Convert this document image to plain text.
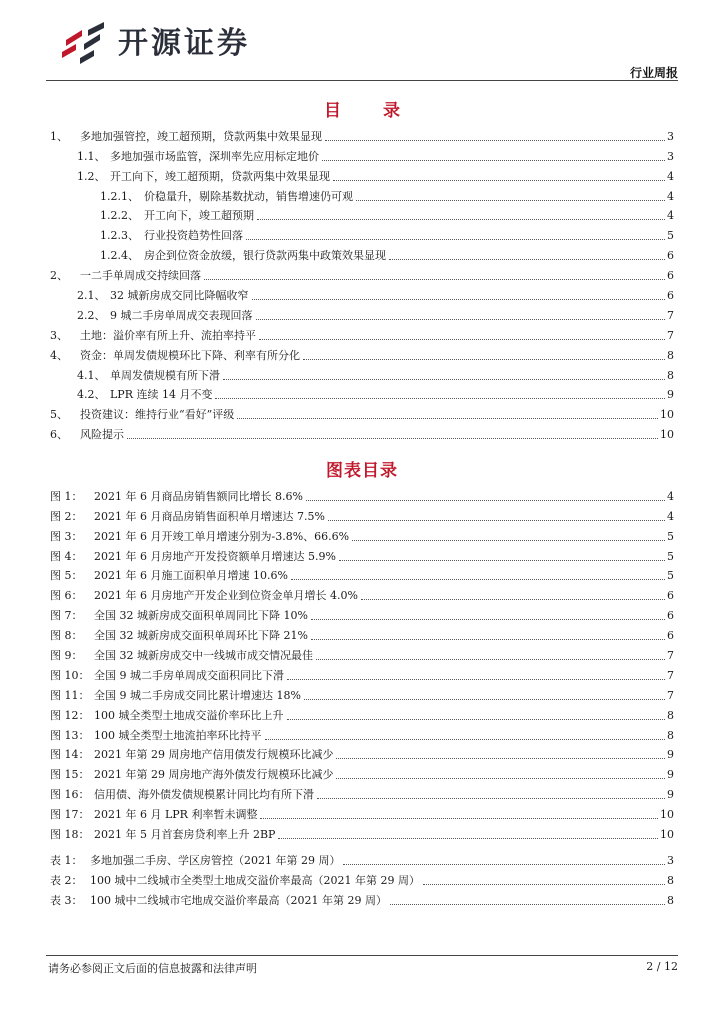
开源证券
行业周报
目 录
1、	多地加强管控，竣工超预期，贷款两集中效果显现	3
1.1、 多地加强市场监管，深圳率先应用标定地价	3
1.2、 开工向下，竣工超预期，贷款两集中效果显现	4
1.2.1、 价稳量升，剔除基数扰动，销售增速仍可观	4
1.2.2、 开工向下，竣工超预期	4
1.2.3、 行业投资趋势性回落	5
1.2.4、 房企到位资金放缓，银行贷款两集中政策效果显现	6
2、	一二手单周成交持续回落	6
2.1、 32 城新房成交同比降幅收窄	6
2.2、 9 城二手房单周成交表现回落	7
3、	土地：溢价率有所上升、流拍率持平	7
4、	资金：单周发债规模环比下降、利率有所分化	8
4.1、 单周发债规模有所下滑	8
4.2、 LPR 连续 14 月不变	9
5、	投资建议：维持行业“看好”评级	10
6、	风险提示	10
图表目录
图 1：	2021 年 6 月商品房销售额同比增长 8.6%	4
图 2：	2021 年 6 月商品房销售面积单月增速达 7.5%	4
图 3：	2021 年 6 月开竣工单月增速分别为-3.8%、66.6%	5
图 4：	2021 年 6 月房地产开发投资额单月增速达 5.9%	5
图 5：	2021 年 6 月施工面积单月增速 10.6%	5
图 6：	2021 年 6 月房地产开发企业到位资金单月增长 4.0%	6
图 7：	全国 32 城新房成交面积单周同比下降 10%	6
图 8：	全国 32 城新房成交面积单周环比下降 21%	6
图 9：	全国 32 城新房成交中一线城市成交情况最佳	7
图 10： 全国 9 城二手房单周成交面积同比下滑	7
图 11： 全国 9 城二手房成交同比累计增速达 18%	7
图 12： 100 城全类型土地成交溢价率环比上升	8
图 13： 100 城全类型土地流拍率环比持平	8
图 14： 2021 年第 29 周房地产信用债发行规模环比减少	9
图 15： 2021 年第 29 周房地产海外债发行规模环比减少	9
图 16： 信用债、海外债发债规模累计同比均有所下滑	9
图 17： 2021 年 6 月 LPR 利率暂未调整	10
图 18： 2021 年 5 月首套房贷利率上升 2BP	10
表 1： 多地加强二手房、学区房管控（2021 年第 29 周）	3
表 2： 100 城中二线城市全类型土地成交溢价率最高（2021 年第 29 周）	8
表 3： 100 城中二线城市宅地成交溢价率最高（2021 年第 29 周）	8
请务必参阅正文后面的信息披露和法律声明	2 / 12
